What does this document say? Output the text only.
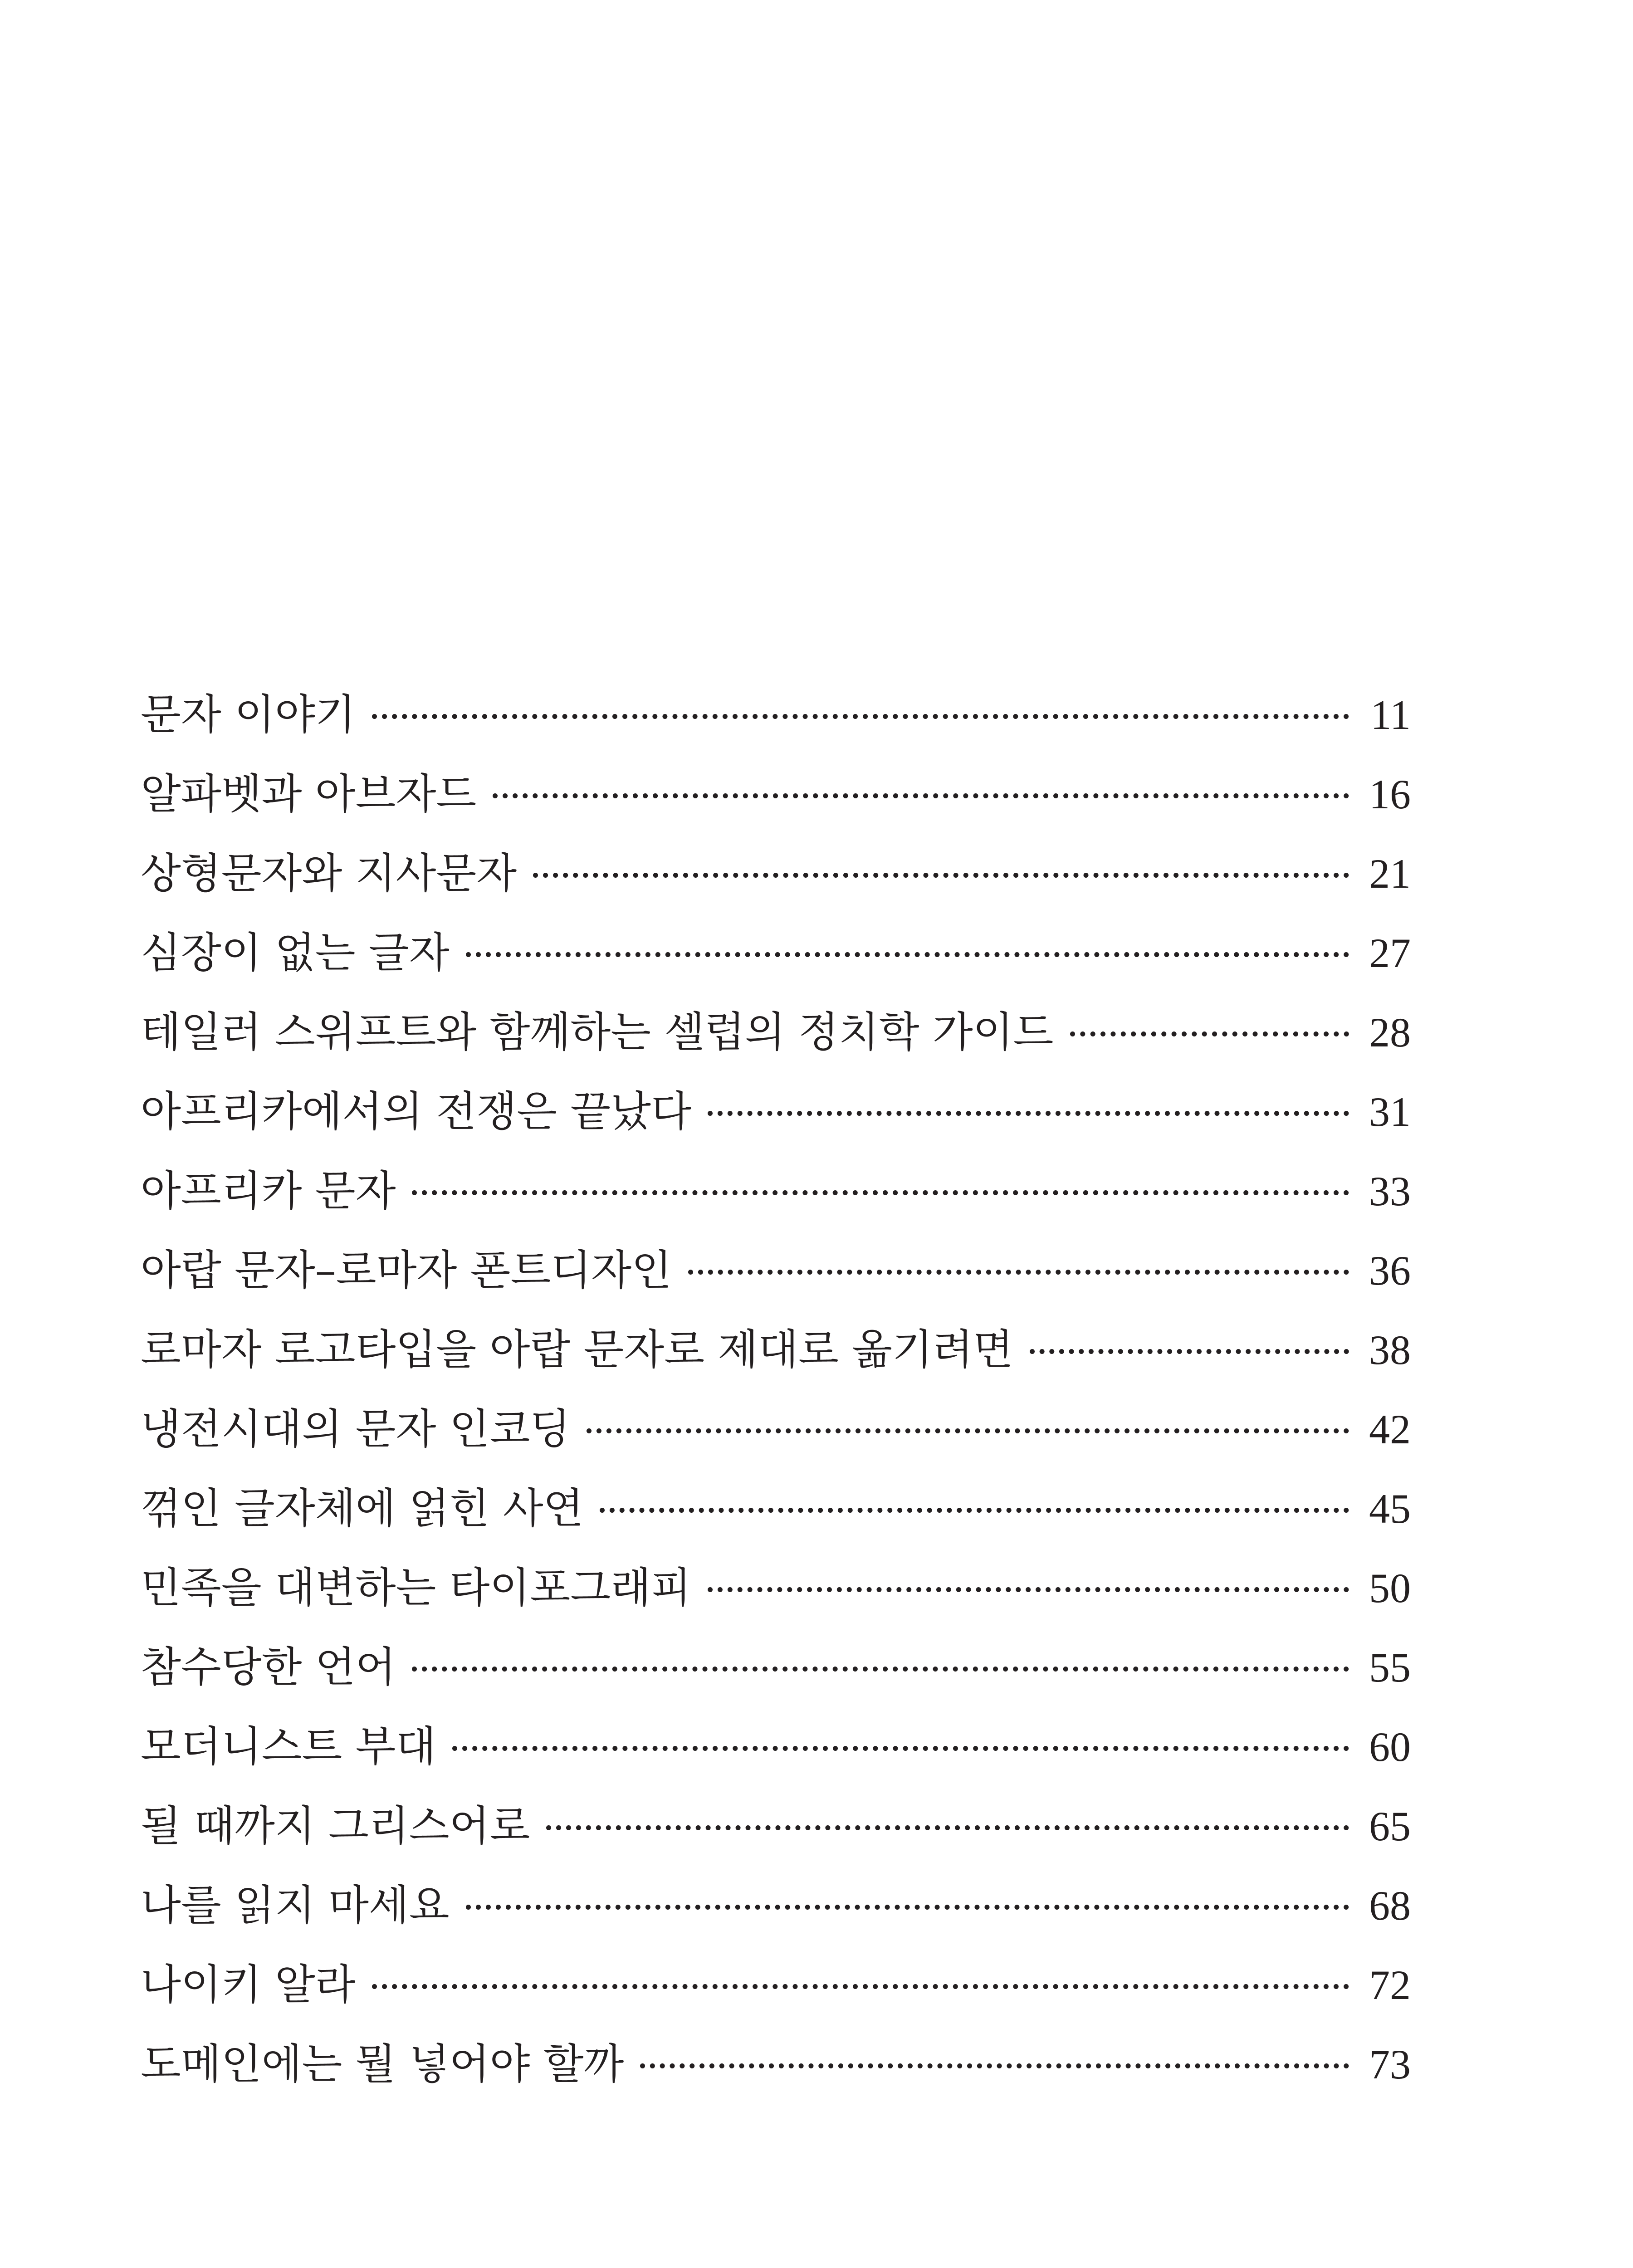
문자 이야기	11
알파벳과 아브자드	16
상형문자와 지사문자	21
심장이 없는 글자	27
테일러 스위프트와 함께하는 셀럽의 정치학 가이드	28
아프리카에서의 전쟁은 끝났다	31
아프리카 문자	33
아랍 문자–로마자 폰트디자인	36
로마자 로고타입을 아랍 문자로 제대로 옮기려면	38
냉전시대의 문자 인코딩	42
꺾인 글자체에 얽힌 사연	45
민족을 대변하는 타이포그래피	50
참수당한 언어	55
모더니스트 부대	60
될 때까지 그리스어로	65
나를 읽지 마세요	68
나이키 알라	72
도메인에는 뭘 넣어야 할까	73
